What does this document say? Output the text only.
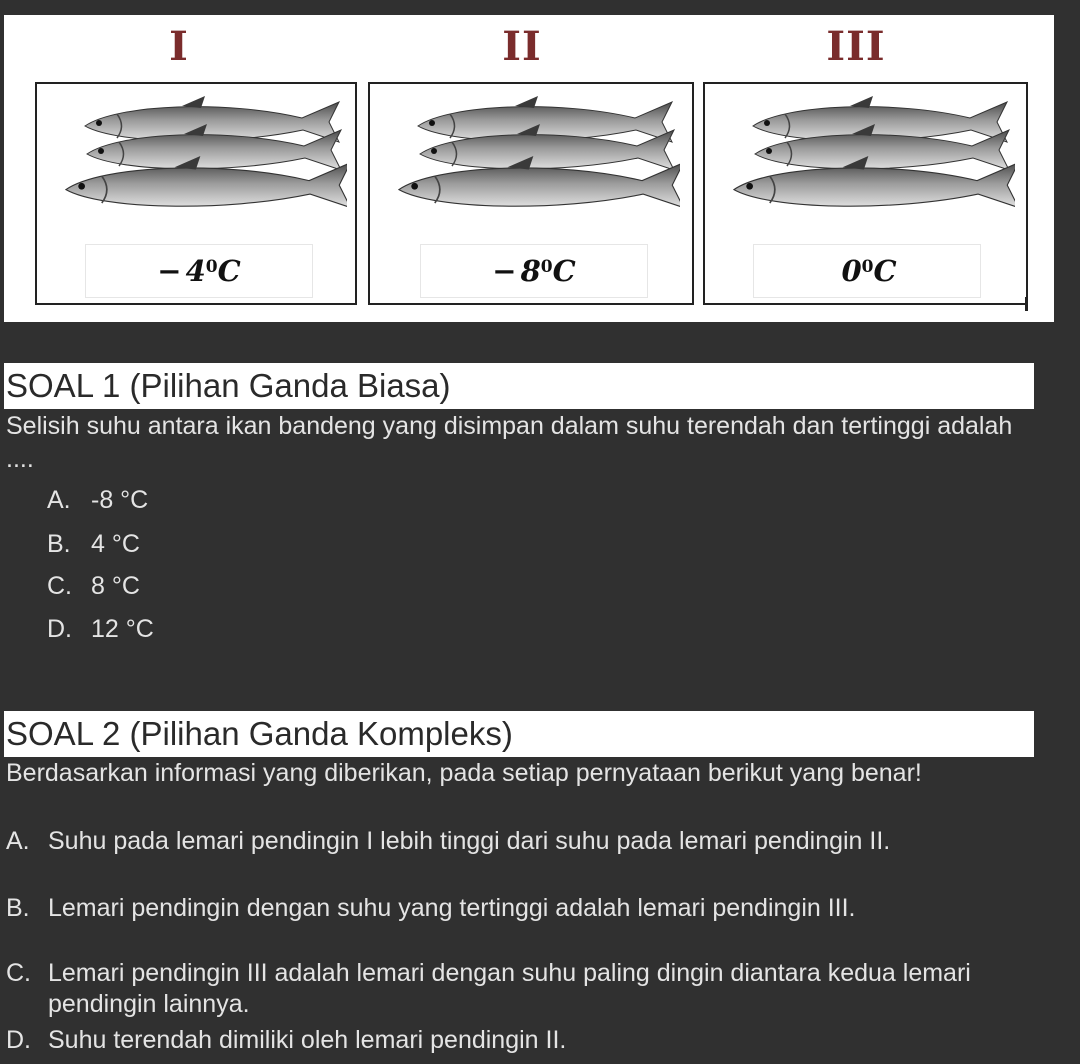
I	II	III
− $4^0$ C	− $8^0$ C	$0^0$ C
SOAL 1 (Pilihan Ganda Biasa)
Selisih suhu antara ikan bandeng yang disimpan dalam suhu terendah dan tertinggi adalah ....
A. -8 °C
B. 4 °C
C. 8 °C
D. 12 °C
SOAL 2 (Pilihan Ganda Kompleks)
Berdasarkan informasi yang diberikan, pada setiap pernyataan berikut yang benar!
A. Suhu pada lemari pendingin I lebih tinggi dari suhu pada lemari pendingin II.
B. Lemari pendingin dengan suhu yang tertinggi adalah lemari pendingin III.
C. Lemari pendingin III adalah lemari dengan suhu paling dingin diantara kedua lemari pendingin lainnya.
D. Suhu terendah dimiliki oleh lemari pendingin II.
